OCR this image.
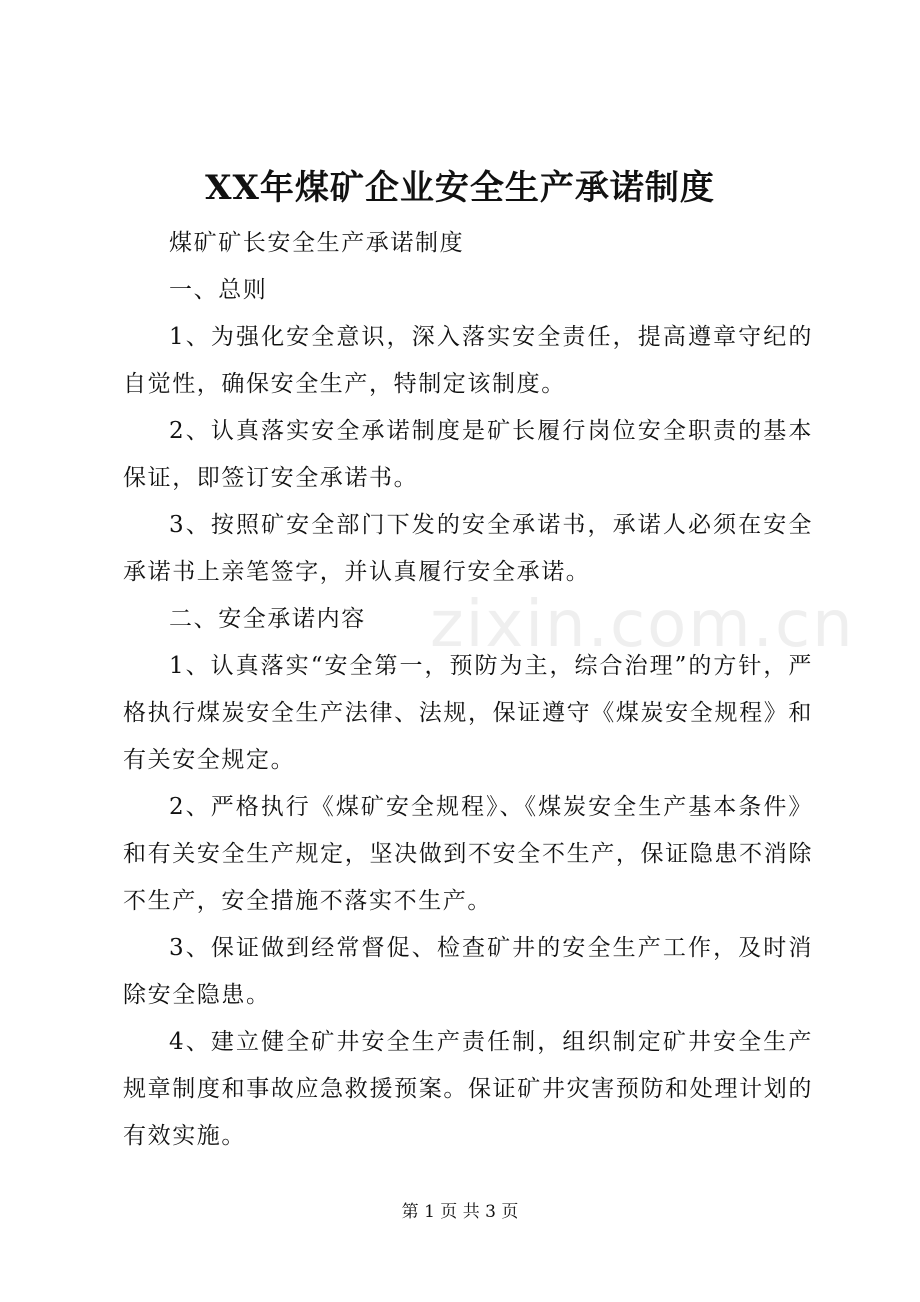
XX年煤矿企业安全生产承诺制度

煤矿矿长安全生产承诺制度

一、总则

1、为强化安全意识，深入落实安全责任，提高遵章守纪的自觉性，确保安全生产，特制定该制度。

2、认真落实安全承诺制度是矿长履行岗位安全职责的基本保证，即签订安全承诺书。

3、按照矿安全部门下发的安全承诺书，承诺人必须在安全承诺书上亲笔签字，并认真履行安全承诺。

二、安全承诺内容

1、认真落实“安全第一，预防为主，综合治理”的方针，严格执行煤炭安全生产法律、法规，保证遵守《煤炭安全规程》和有关安全规定。

2、严格执行《煤矿安全规程》、《煤炭安全生产基本条件》和有关安全生产规定，坚决做到不安全不生产，保证隐患不消除不生产，安全措施不落实不生产。

3、保证做到经常督促、检查矿井的安全生产工作，及时消除安全隐患。

4、建立健全矿井安全生产责任制，组织制定矿井安全生产规章制度和事故应急救援预案。保证矿井灾害预防和处理计划的有效实施。

zixin.com.cn
第 1 页 共 3 页
